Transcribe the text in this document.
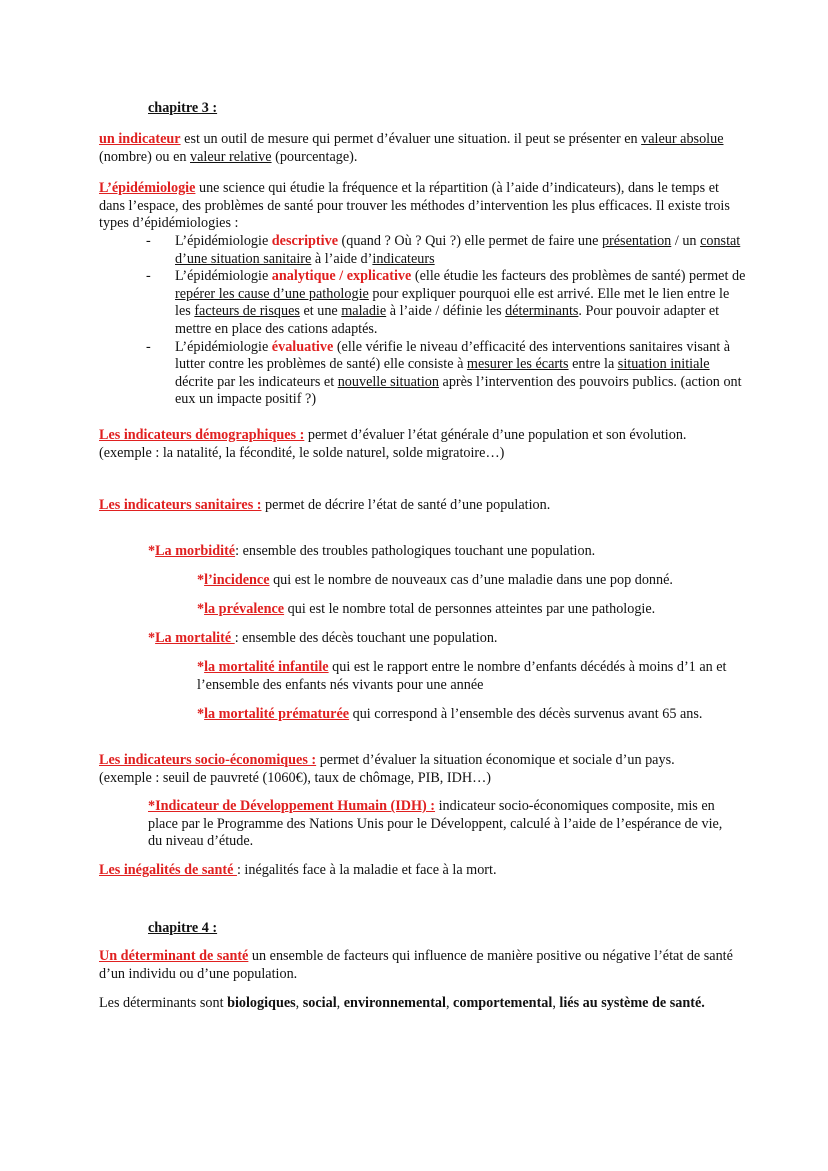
chapitre 3 :

un indicateur est un outil de mesure qui permet d’évaluer une situation. il peut se présenter en valeur absolue (nombre) ou en valeur relative (pourcentage).

L’épidémiologie une science qui étudie la fréquence et la répartition (à l’aide d’indicateurs), dans le temps et dans l’espace, des problèmes de santé pour trouver les méthodes d’intervention les plus efficaces. Il existe trois types d’épidémiologies :

- L’épidémiologie descriptive (quand ? Où ? Qui ?) elle permet de faire une présentation / un constat d’une situation sanitaire à l’aide d’indicateurs
- L’épidémiologie analytique / explicative (elle étudie les facteurs des problèmes de santé) permet de repérer les cause d’une pathologie pour expliquer pourquoi elle est arrivé. Elle met le lien entre le les facteurs de risques et une maladie à l’aide / définie les déterminants. Pour pouvoir adapter et mettre en place des cations adaptés.
- L’épidémiologie évaluative (elle vérifie le niveau d’efficacité des interventions sanitaires visant à lutter contre les problèmes de santé) elle consiste à mesurer les écarts entre la situation initiale décrite par les indicateurs et nouvelle situation après l’intervention des pouvoirs publics. (action ont eux un impacte positif ?)

Les indicateurs démographiques : permet d’évaluer l’état générale d’une population et son évolution.
(exemple : la natalité, la fécondité, le solde naturel, solde migratoire…)

Les indicateurs sanitaires : permet de décrire l’état de santé d’une population.

*La morbidité: ensemble des troubles pathologiques touchant une population.

*l’incidence qui est le nombre de nouveaux cas d’une maladie dans une pop donné.

*la prévalence qui est le nombre total de personnes atteintes par une pathologie.

*La mortalité : ensemble des décès touchant une population.

*la mortalité infantile qui est le rapport entre le nombre d’enfants décédés à moins d’1 an et l’ensemble des enfants nés vivants pour une année

*la mortalité prématurée qui correspond à l’ensemble des décès survenus avant 65 ans.

Les indicateurs socio-économiques : permet d’évaluer la situation économique et sociale d’un pays.
(exemple : seuil de pauvreté (1060€), taux de chômage, PIB, IDH…)

*Indicateur de Développement Humain (IDH) : indicateur socio-économiques composite, mis en place par le Programme des Nations Unis pour le Développent, calculé à l’aide de l’espérance de vie, du niveau d’étude.

Les inégalités de santé : inégalités face à la maladie et face à la mort.

chapitre 4 :

Un déterminant de santé un ensemble de facteurs qui influence de manière positive ou négative l’état de santé d’un individu ou d’une population.

Les déterminants sont biologiques, social, environnemental, comportemental, liés au système de santé.
